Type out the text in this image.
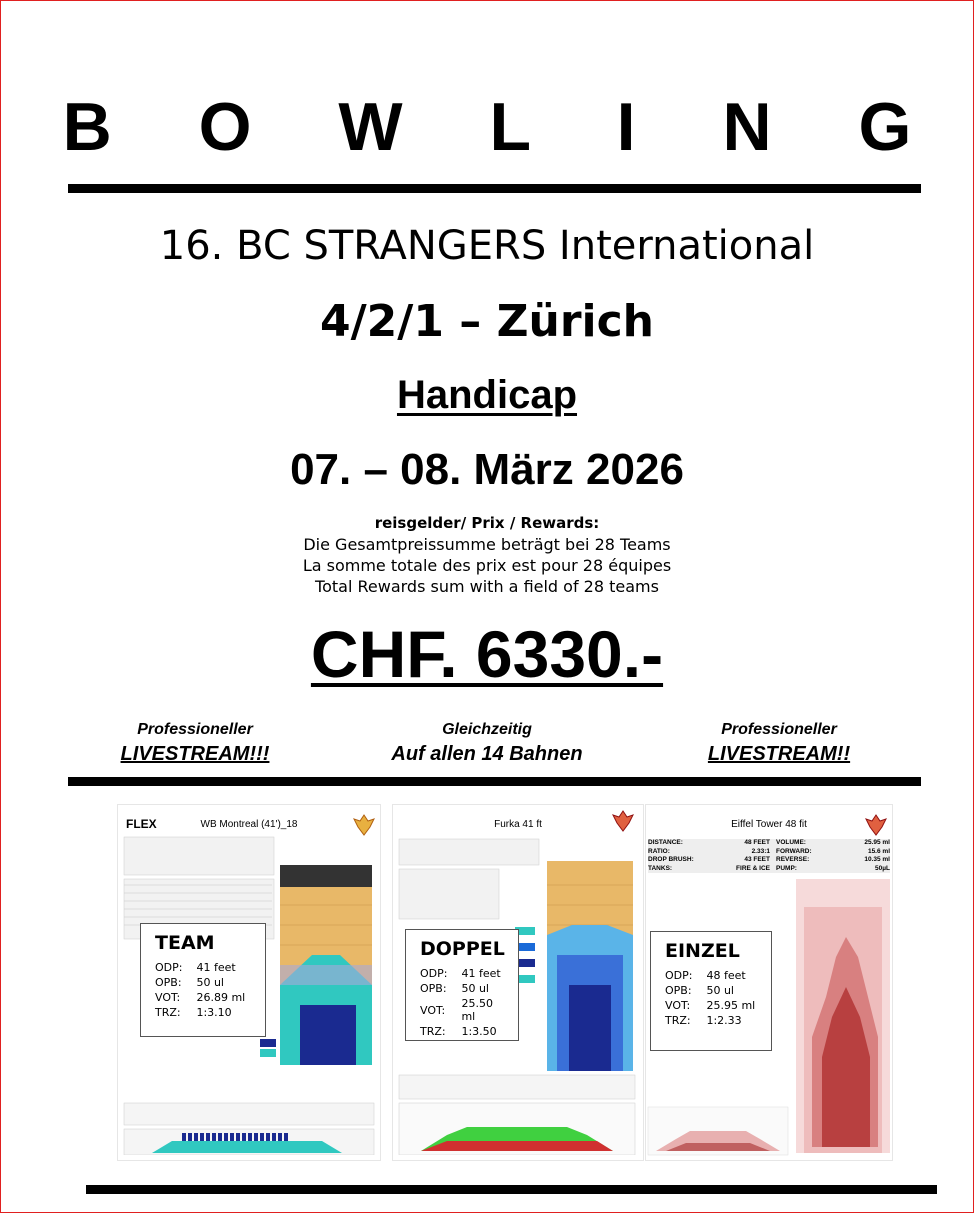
B O W L I N G
16. BC STRANGERS International
4/2/1 – Zürich
Handicap
07. – 08. März 2026
reisgelder/ Prix / Rewards:
Die Gesamtpreissumme beträgt bei 28 Teams
La somme totale des prix est pour 28 équipes
Total Rewards sum with a field of 28 teams
CHF. 6330.-
Professioneller
LIVESTREAM!!!
Gleichzeitig
Auf allen 14 Bahnen
Professioneller
LIVESTREAM!!
FLEX	WB Montreal (41')_18
TEAM
ODP:	41 feet
OPB:	50 ul
VOT:	26.89 ml
TRZ:	1:3.10
Furka 41 ft
DOPPEL
ODP:	41 feet
OPB:	50 ul
VOT:	25.50 ml
TRZ:	1:3.50
Eiffel Tower 48 fit
DISTANCE:	48 FEET VOLUME:	25.95 ml
RATIO:	2.33:1 FORWARD:	15.6 ml
DROP BRUSH:	43 FEET REVERSE:	10.35 ml
TANKS:	FIRE & ICE PUMP:	50µL
EINZEL
ODP:	48 feet
OPB:	50 ul
VOT:	25.95 ml
TRZ:	1:2.33
